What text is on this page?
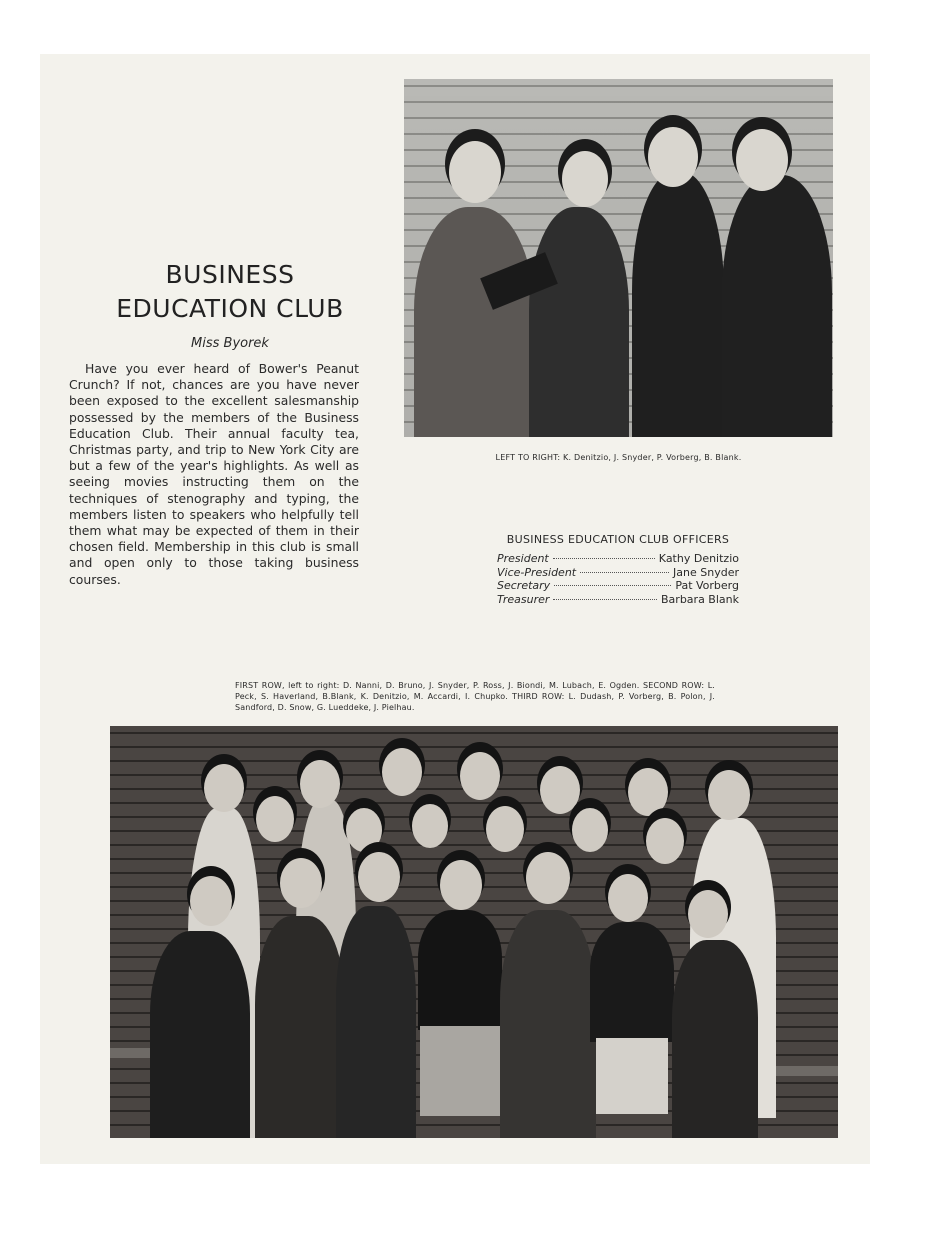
BUSINESS
EDUCATION CLUB
Miss Byorek

Have you ever heard of Bower's Peanut Crunch? If not, chances are you have never been exposed to the excellent salesmanship possessed by the members of the Business Education Club. Their annual faculty tea, Christmas party, and trip to New York City are but a few of the year's highlights. As well as seeing movies instructing them on the techniques of stenography and typing, the members listen to speakers who helpfully tell them what may be expected of them in their chosen field. Membership in this club is small and open only to those taking business courses.

LEFT TO RIGHT: K. Denitzio, J. Snyder, P. Vorberg, B. Blank.
BUSINESS EDUCATION CLUB OFFICERS
President	Kathy Denitzio
Vice-President	Jane Snyder
Secretary	Pat Vorberg
Treasurer	Barbara Blank
FIRST ROW, left to right: D. Nanni, D. Bruno, J. Snyder, P. Ross, J. Biondi, M. Lubach, E. Ogden. SECOND ROW: L. Peck, S. Haverland, B.Blank, K. Denitzio, M. Accardi, I. Chupko. THIRD ROW: L. Dudash, P. Vorberg, B. Polon, J. Sandford, D. Snow, G. Lueddeke, J. Pielhau.
